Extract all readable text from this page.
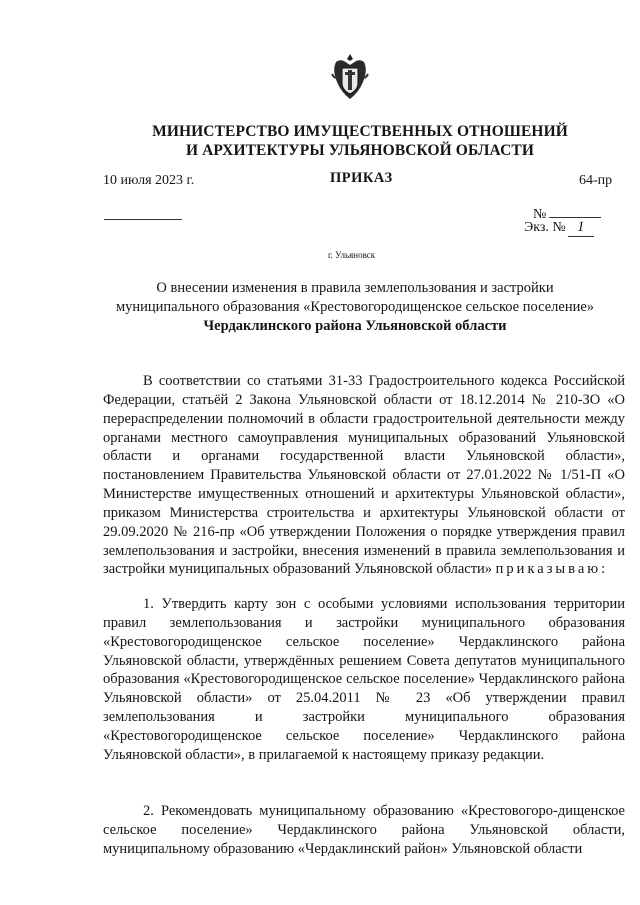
МИНИСТЕРСТВО ИМУЩЕСТВЕННЫХ ОТНОШЕНИЙ
И АРХИТЕКТУРЫ УЛЬЯНОВСКОЙ ОБЛАСТИ
10 июля 2023 г.	ПРИКАЗ	64-пр
№
Экз. № 1
г. Ульяновск
О внесении изменения в правила землепользования и застройки
муниципального образования «Крестовогородищенское сельское поселение»
Чердаклинского района Ульяновской области
В соответствии со статьями 31-33 Градостроительного кодекса Российской Федерации, статьёй 2 Закона Ульяновской области от 18.12.2014 № 210-ЗО «О перераспределении полномочий в области градостроительной деятельности между органами местного самоуправления муниципальных образований Ульяновской области и органами государственной власти Ульяновской области», постановлением Правительства Ульяновской области от 27.01.2022 № 1/51-П «О Министерстве имущественных отношений и архитектуры Ульяновской области», приказом Министерства строительства и архитектуры Ульяновской области от 29.09.2020 № 216-пр «Об утверждении Положения о порядке утверждения правил землепользования и застройки, внесения изменений в правила землепользования и застройки муниципальных образований Ульяновской области» приказываю:
1. Утвердить карту зон с особыми условиями использования территории правил землепользования и застройки муниципального образования «Крестовогородищенское сельское поселение» Чердаклинского района Ульяновской области, утверждённых решением Совета депутатов муниципального образования «Крестовогородищенское сельское поселение» Чердаклинского района Ульяновской области» от 25.04.2011 № 23 «Об утверждении правил землепользования и застройки муниципального образования «Крестовогородищенское сельское поселение» Чердаклинского района Ульяновской области», в прилагаемой к настоящему приказу редакции.
2. Рекомендовать муниципальному образованию «Крестовогоро-дищенское сельское поселение» Чердаклинского района Ульяновской области, муниципальному образованию «Чердаклинский район» Ульяновской области
